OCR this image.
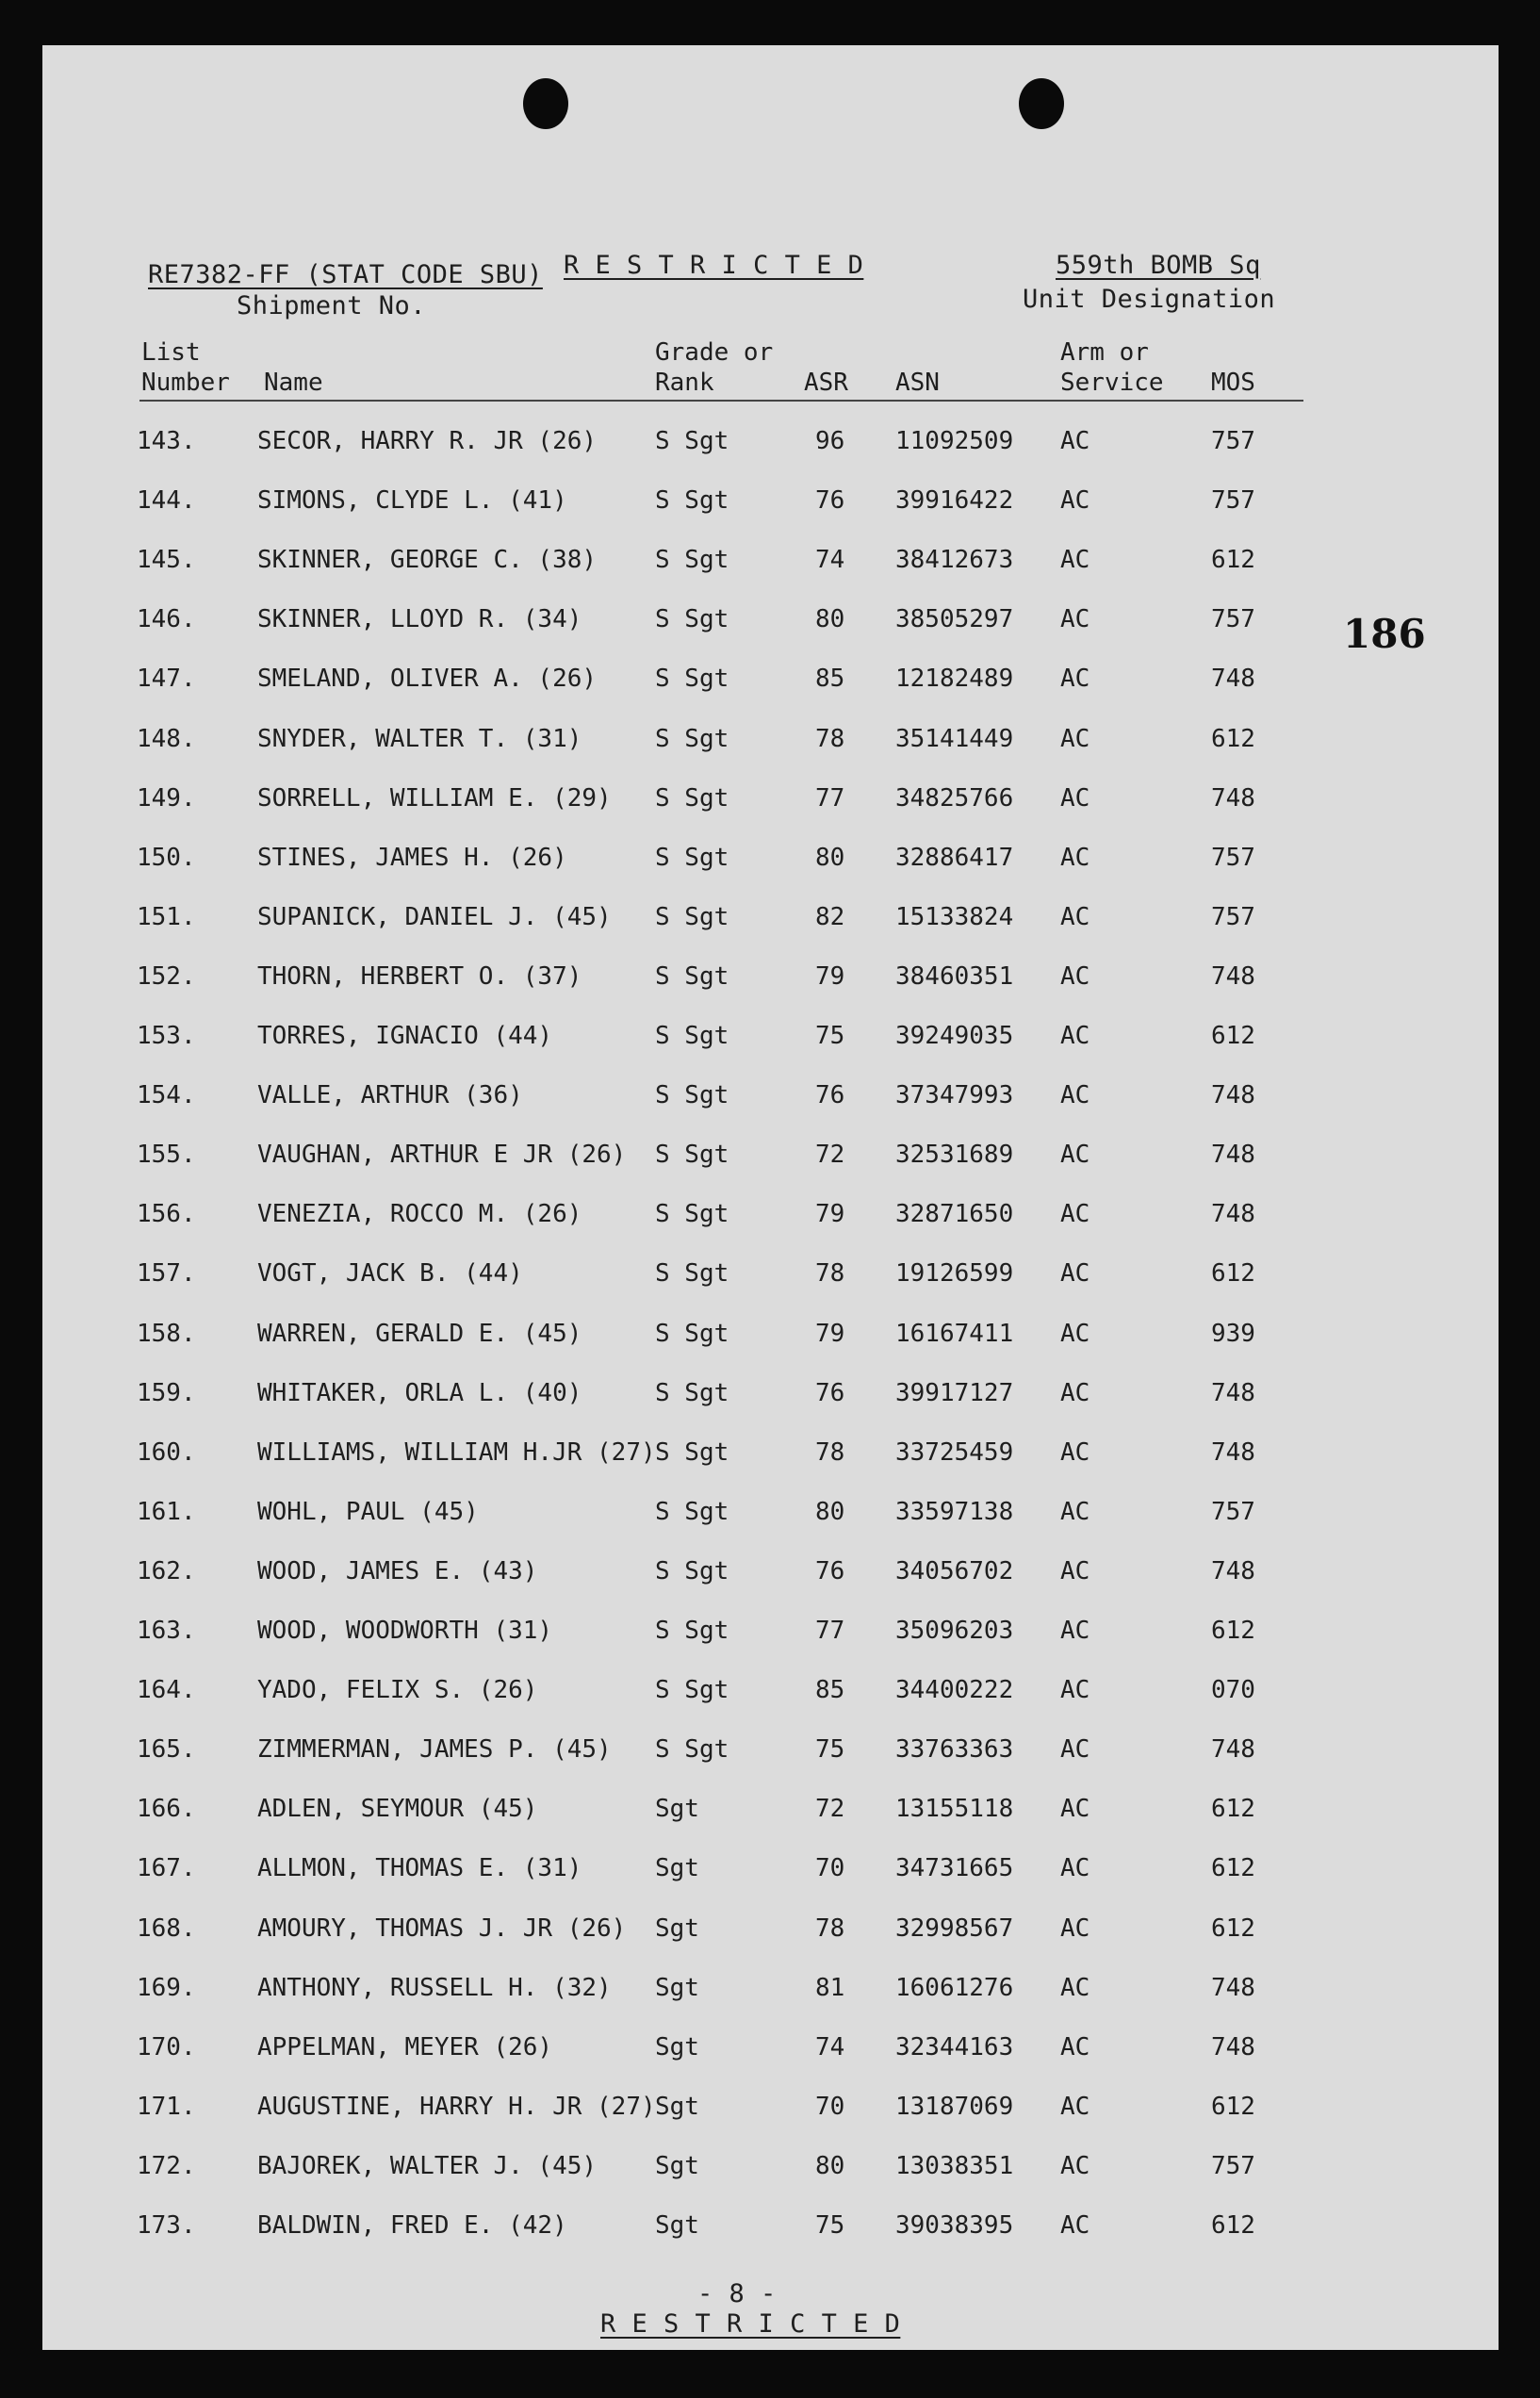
RE7382-FF (STAT CODE SBU)
Shipment No.
R E S T R I C T E D	559th BOMB Sq
Unit Designation
186
List
Number Name
Grade or
Rank	ASR ASN
Arm or
Service MOS
143.	SECOR, HARRY R. JR (26) S Sgt	96 11092509 AC	757
144.	SIMONS, CLYDE L. (41)	S Sgt	76 39916422 AC	757
145.	SKINNER, GEORGE C. (38) S Sgt	74 38412673 AC	612
146.	SKINNER, LLOYD R. (34)	S Sgt	80 38505297 AC	757
147.	SMELAND, OLIVER A. (26) S Sgt	85 12182489 AC	748
148.	SNYDER, WALTER T. (31)	S Sgt	78 35141449 AC	612
149.	SORRELL, WILLIAM E. (29) S Sgt	77 34825766 AC	748
150.	STINES, JAMES H. (26)	S Sgt	80 32886417 AC	757
151.	SUPANICK, DANIEL J. (45) S Sgt	82 15133824 AC	757
152.	THORN, HERBERT O. (37)	S Sgt	79 38460351 AC	748
153.	TORRES, IGNACIO (44)	S Sgt	75 39249035 AC	612
154.	VALLE, ARTHUR (36)	S Sgt	76 37347993 AC	748
155.	VAUGHAN, ARTHUR E JR (26) S Sgt	72 32531689 AC	748
156.	VENEZIA, ROCCO M. (26)	S Sgt	79 32871650 AC	748
157.	VOGT, JACK B. (44)	S Sgt	78 19126599 AC	612
158.	WARREN, GERALD E. (45)	S Sgt	79 16167411 AC	939
159.	WHITAKER, ORLA L. (40)	S Sgt	76 39917127 AC	748
160.	WILLIAMS, WILLIAM H.JR (27) S Sgt	78 33725459 AC	748
161.	WOHL, PAUL (45)	S Sgt	80 33597138 AC	757
162.	WOOD, JAMES E. (43)	S Sgt	76 34056702 AC	748
163.	WOOD, WOODWORTH (31)	S Sgt	77 35096203 AC	612
164.	YADO, FELIX S. (26)	S Sgt	85 34400222 AC	070
165.	ZIMMERMAN, JAMES P. (45) S Sgt	75 33763363 AC	748
166.	ADLEN, SEYMOUR (45)	Sgt	72 13155118 AC	612
167.	ALLMON, THOMAS E. (31)	Sgt	70 34731665 AC	612
168.	AMOURY, THOMAS J. JR (26) Sgt	78 32998567 AC	612
169.	ANTHONY, RUSSELL H. (32) Sgt	81 16061276 AC	748
170.	APPELMAN, MEYER (26)	Sgt	74 32344163 AC	748
171.	AUGUSTINE, HARRY H. JR (27) Sgt	70 13187069 AC	612
172.	BAJOREK, WALTER J. (45) Sgt	80 13038351 AC	757
173.	BALDWIN, FRED E. (42)	Sgt	75 39038395 AC	612
- 8 -
R E S T R I C T E D
